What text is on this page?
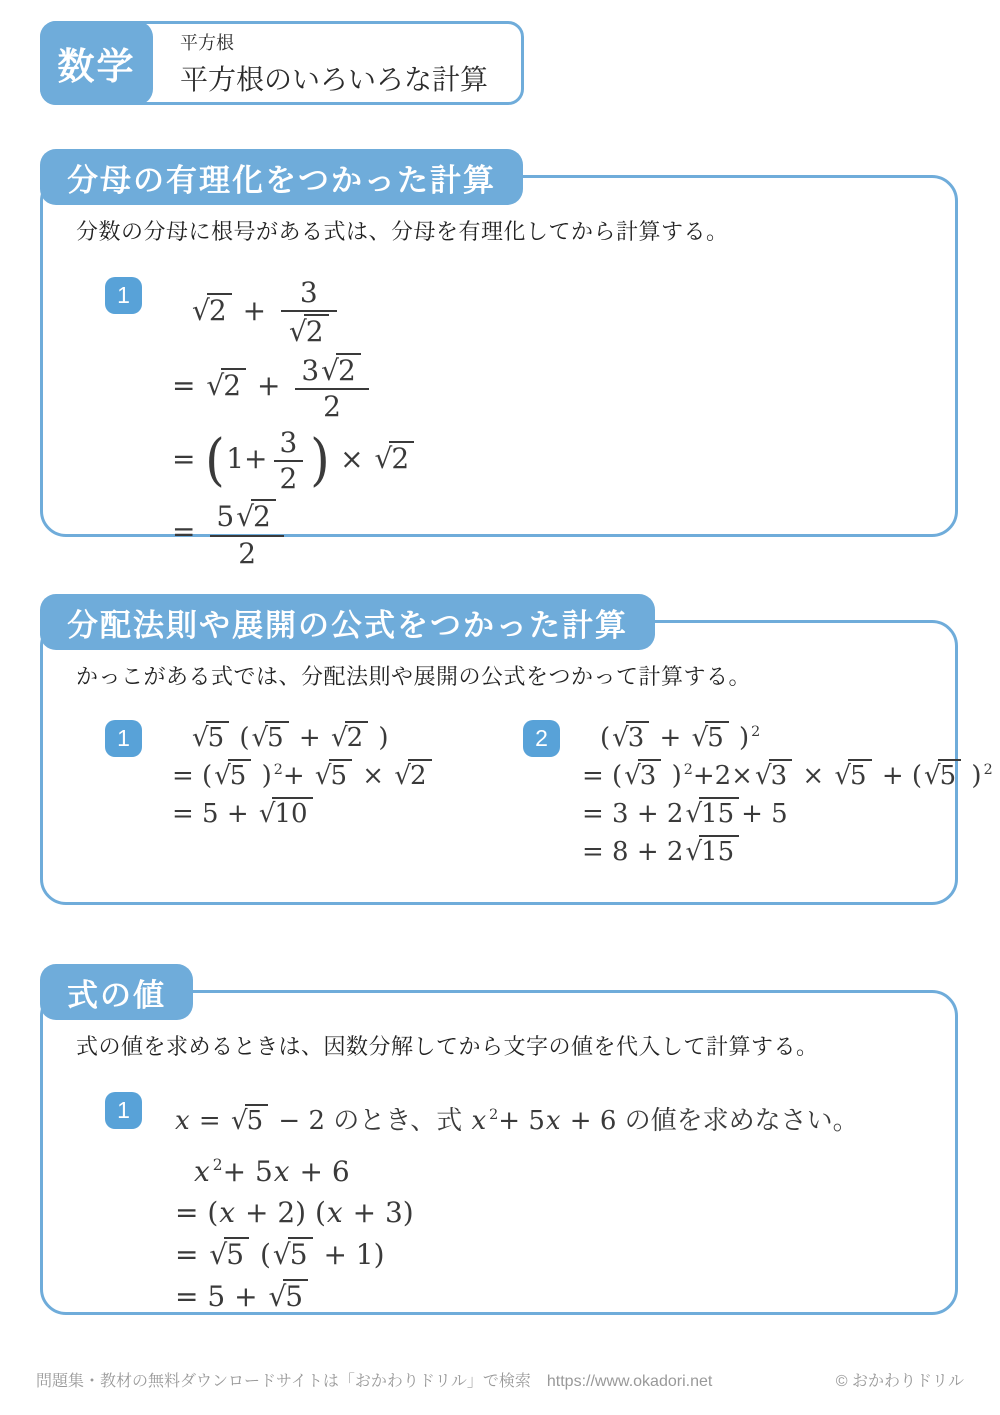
数学
平方根
平方根のいろいろな計算
分母の有理化をつかった計算

分数の分母に根号がある式は、分母を有理化してから計算する。

1	$√2 + \frac{3}{√2}$
= $√2 + \frac{3√2}{2}$
= ($1+ \frac{3}{2}$ ) × √2
= $\frac{5√2}{2}$
分配法則や展開の公式をつかった計算

かっこがある式では、分配法則や展開の公式をつかって計算する。

1	√5 (√5 + √2 )
= (√5 ) $^2$+ √5 × √2
= 5 + √10
2	(√3 + √5 ) $^2$
= (√3 ) $^2$+2×√3 × √5 + (√5 ) $^2$
= 3 + 2√15 + 5
= 8 + 2√15
式の値

式の値を求めるときは、因数分解してから文字の値を代入して計算する。

1	x = √5 − 2 のとき、式 x $^2$+ 5x + 6 の値を求めなさい。
x $^2$+ 5x + 6
= (x + 2) (x + 3)
= √5 (√5 + 1)
= 5 + √5
問題集・教材の無料ダウンロードサイトは「おかわりドリル」で検索 https://www.okadori.net	© おかわりドリル
